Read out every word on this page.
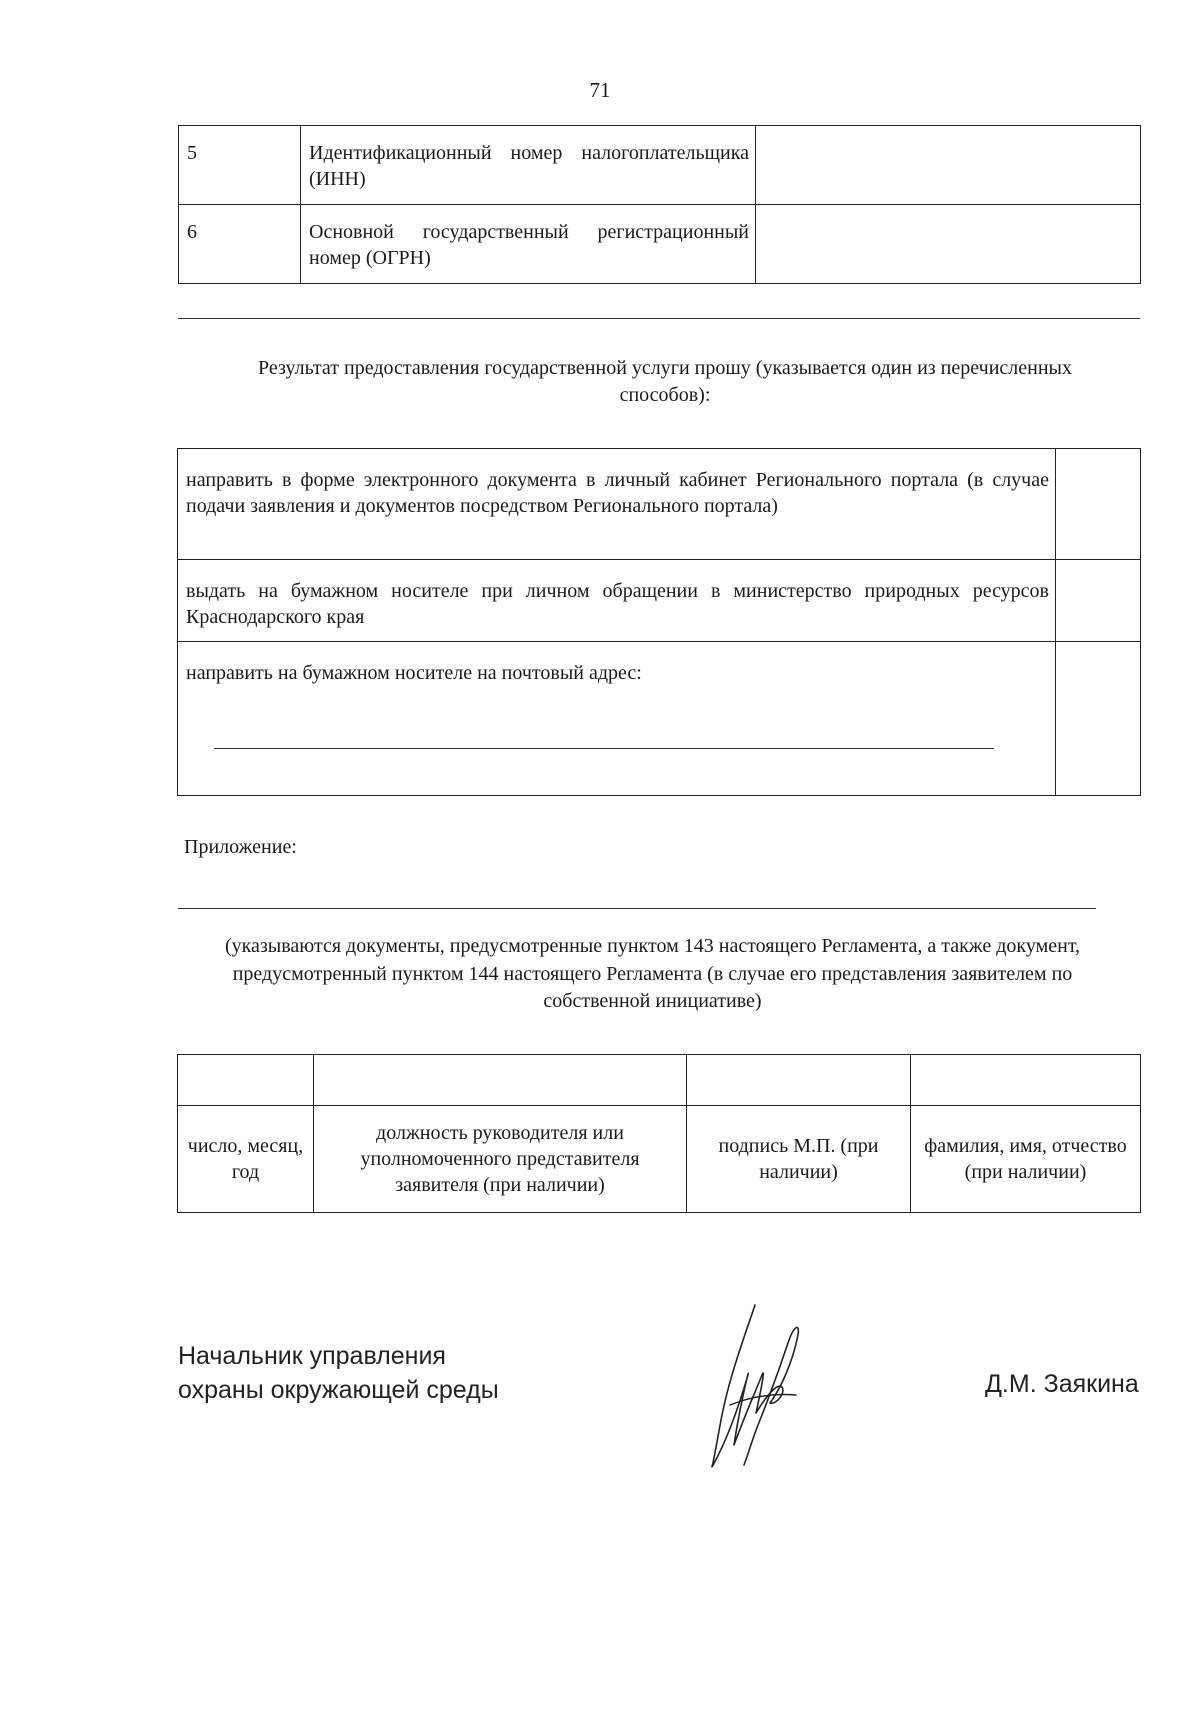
71
5	Идентификационный номер налогоплательщика (ИНН)	
6	Основной государственный регистрационный номер (ОГРН)	
Результат предоставления государственной услуги прошу (указывается один из перечисленных способов):
направить в форме электронного документа в личный кабинет Регионального портала (в случае подачи заявления и документов посредством Регионального портала)	
выдать на бумажном носителе при личном обращении в министерство природных ресурсов Краснодарского края	

направить на бумажном носителе на почтовый адрес:	

Приложение:
(указываются документы, предусмотренные пунктом 143 настоящего Регламента, а также документ, предусмотренный пунктом 144 настоящего Регламента (в случае его представления заявителем по собственной инициативе)

число, месяц, год	должность руководителя или уполномоченного представителя заявителя (при наличии)	подпись М.П. (при наличии)	фамилия, имя, отчество (при наличии)
Начальник управления
охраны окружающей среды	Д.М. Заякина
